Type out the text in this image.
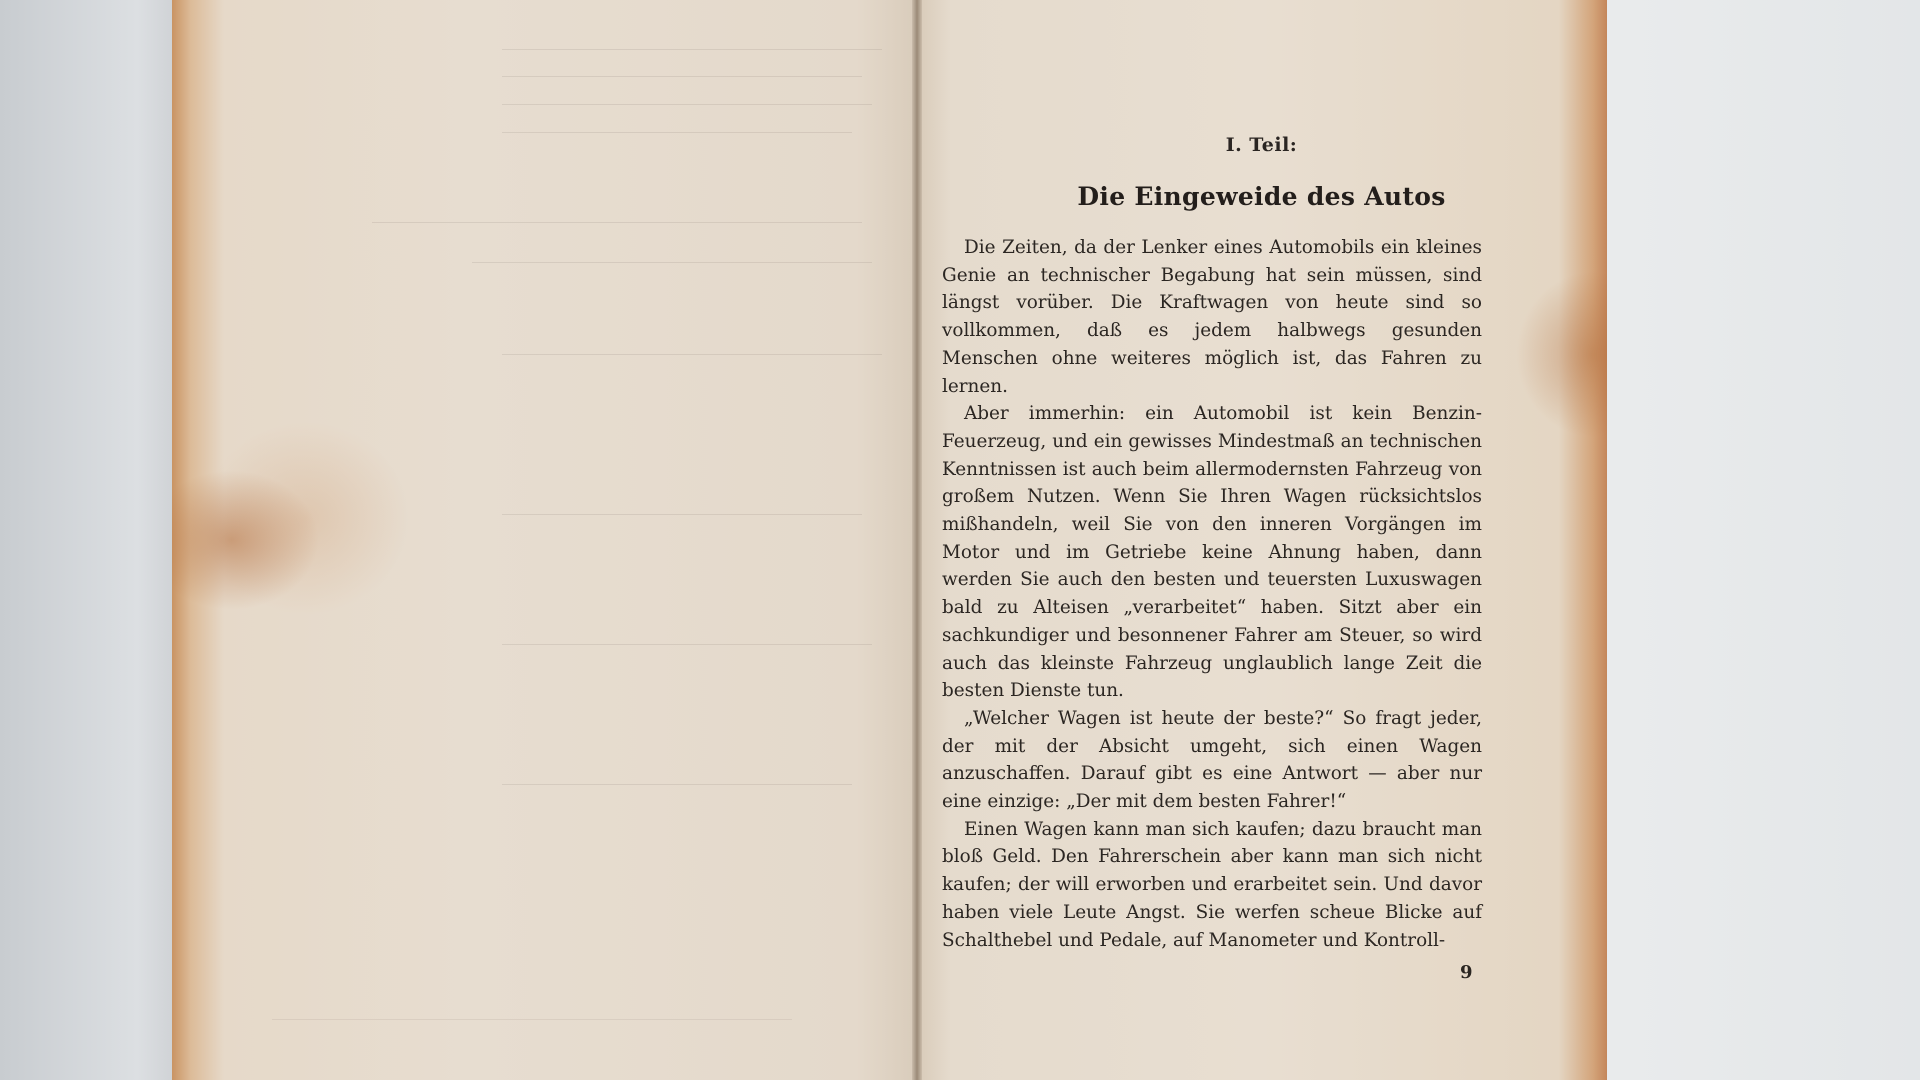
I. Teil:
Die Eingeweide des Autos

Die Zeiten, da der Lenker eines Automobils ein kleines Genie an technischer Begabung hat sein müssen, sind längst vorüber. Die Kraftwagen von heute sind so vollkommen, daß es jedem halbwegs gesunden Menschen ohne weiteres möglich ist, das Fahren zu lernen.

Aber immerhin: ein Automobil ist kein Benzin-Feuerzeug, und ein gewisses Mindestmaß an technischen Kenntnissen ist auch beim allermodernsten Fahrzeug von großem Nutzen. Wenn Sie Ihren Wagen rücksichtslos mißhandeln, weil Sie von den inneren Vorgängen im Motor und im Getriebe keine Ahnung haben, dann werden Sie auch den besten und teuersten Luxuswagen bald zu Alteisen „verarbeitet“ haben. Sitzt aber ein sachkundiger und besonnener Fahrer am Steuer, so wird auch das kleinste Fahrzeug unglaublich lange Zeit die besten Dienste tun.

„Welcher Wagen ist heute der beste?“ So fragt jeder, der mit der Absicht umgeht, sich einen Wagen anzuschaffen. Darauf gibt es eine Antwort — aber nur eine einzige: „Der mit dem besten Fahrer!“

Einen Wagen kann man sich kaufen; dazu braucht man bloß Geld. Den Fahrerschein aber kann man sich nicht kaufen; der will erworben und erarbeitet sein. Und davor haben viele Leute Angst. Sie werfen scheue Blicke auf Schalthebel und Pedale, auf Manometer und Kontroll-

9
